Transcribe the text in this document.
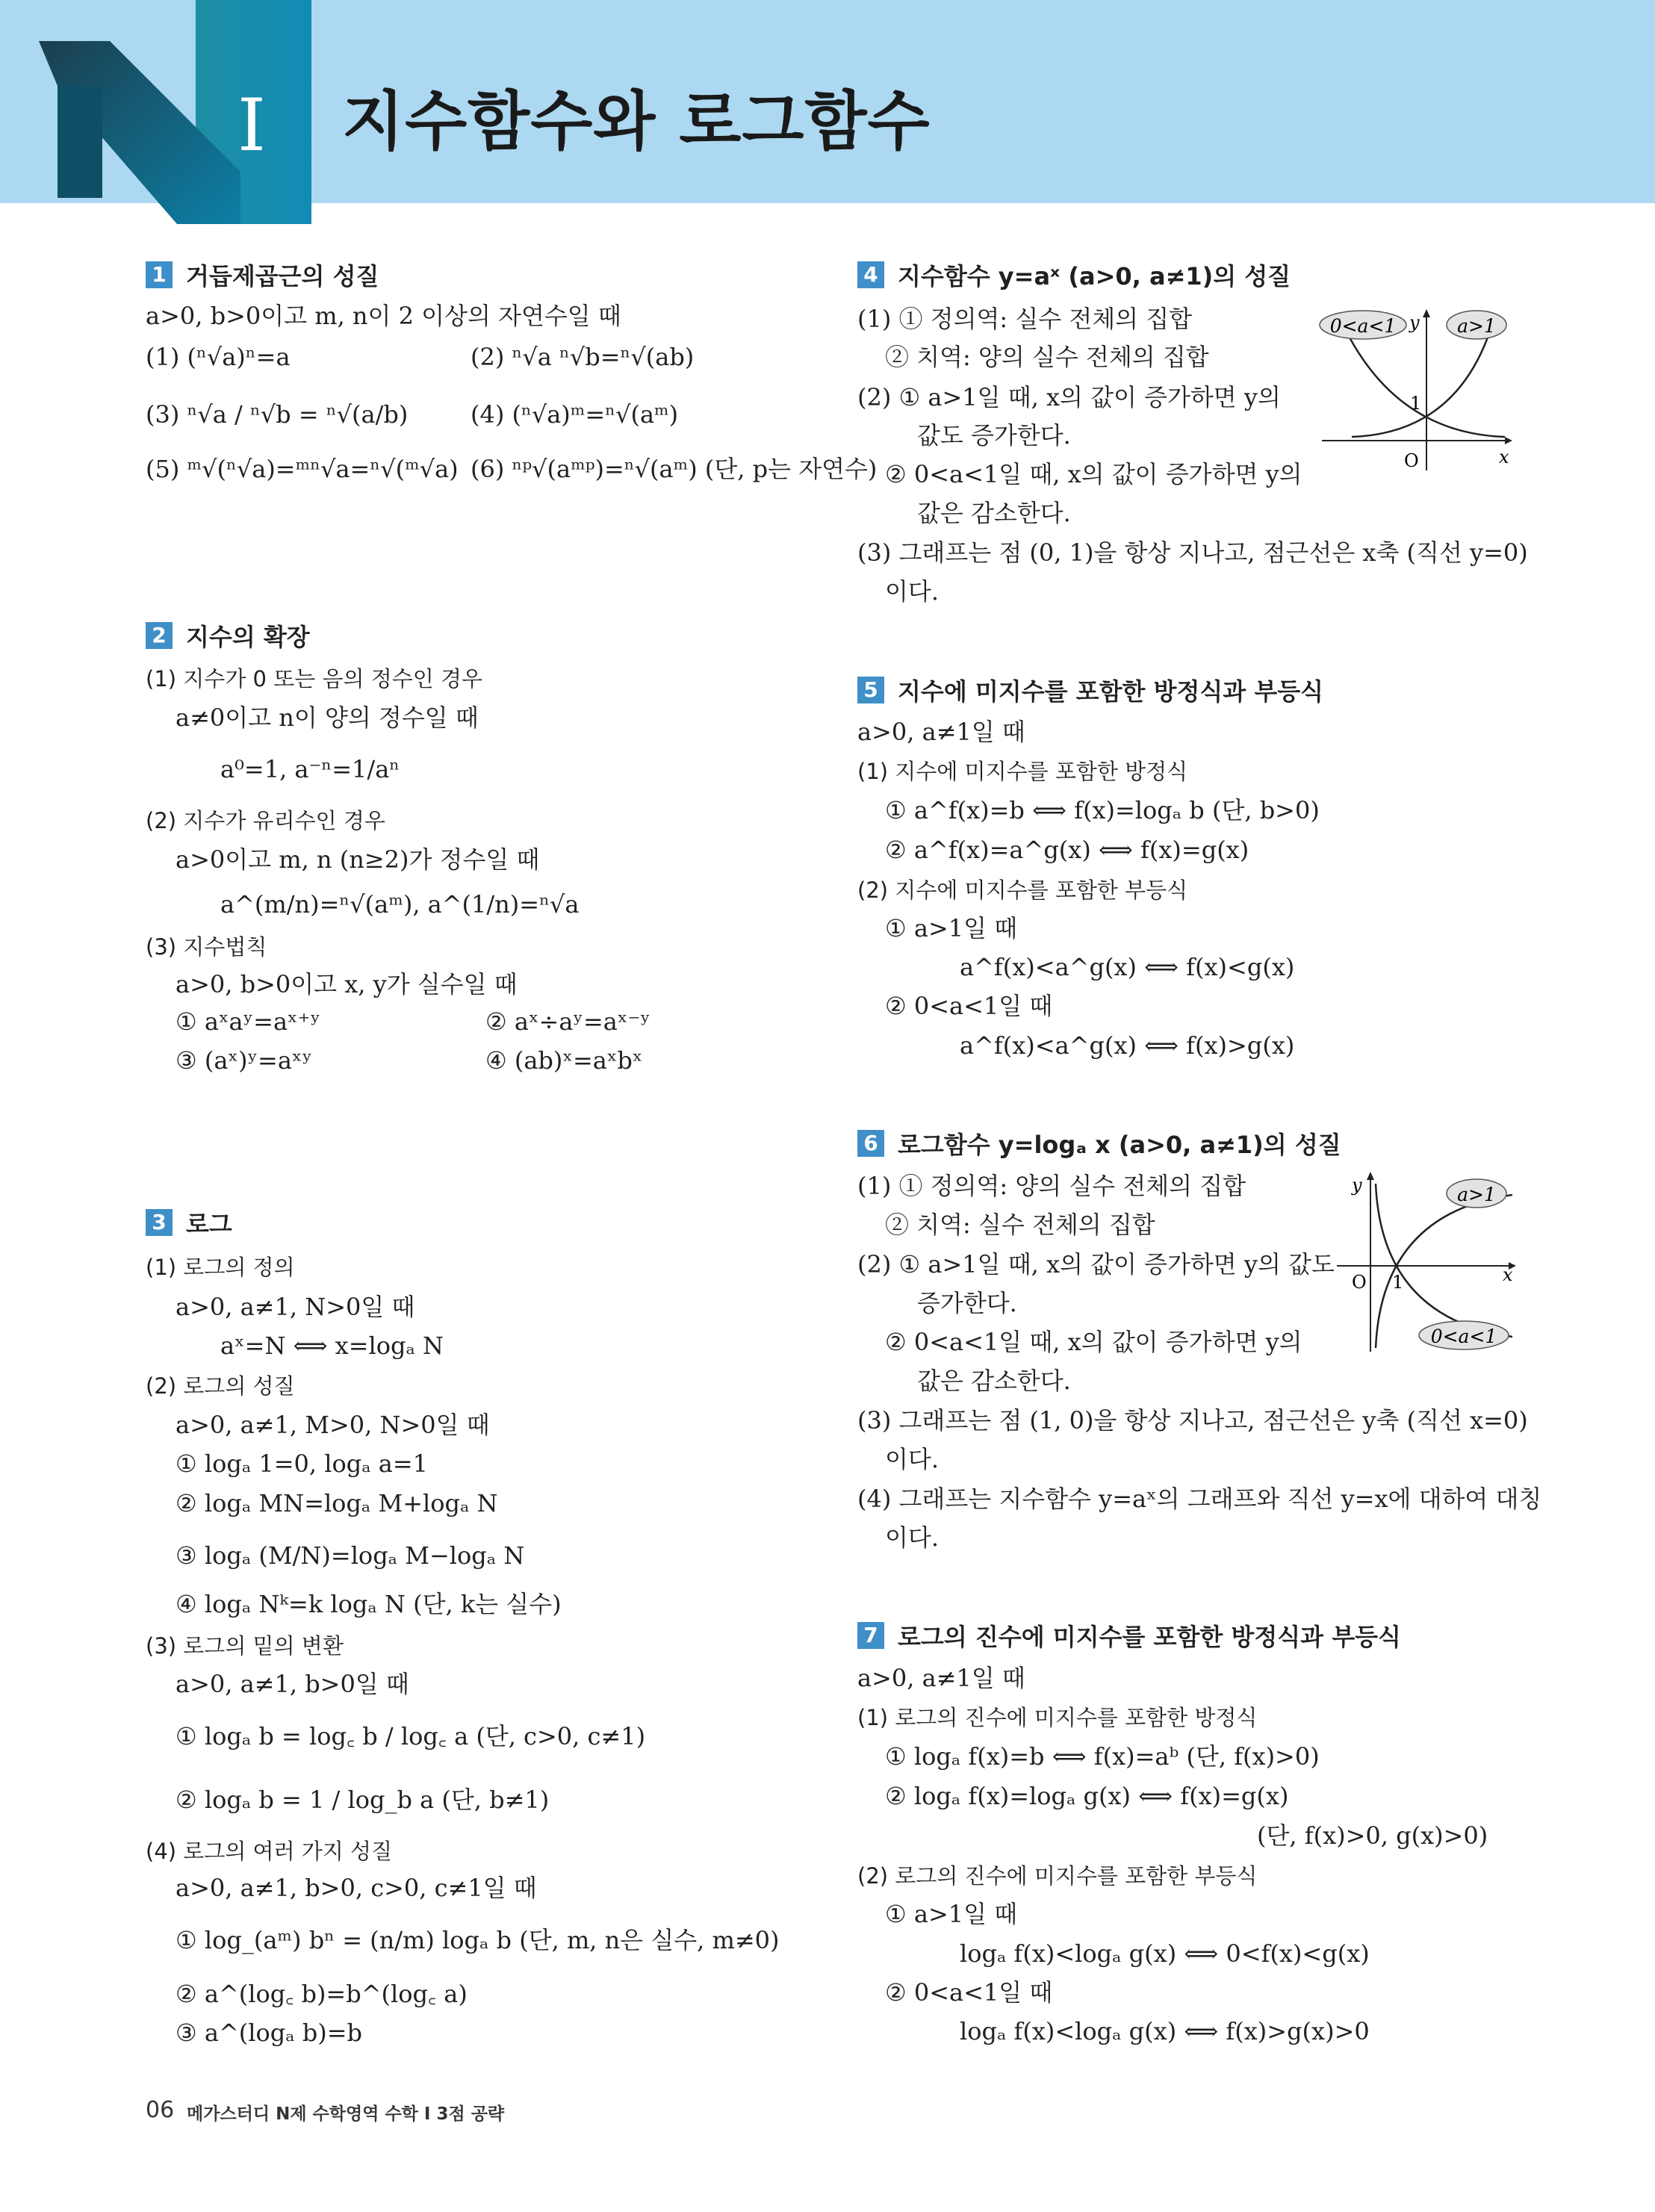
I 지수함수와 로그함수
1 거듭제곱근의 성질
a>0, b>0이고 m, n이 2 이상의 자연수일 때
(1) (ⁿ√a)ⁿ=a	(2) ⁿ√a ⁿ√b=ⁿ√(ab)
(3) ⁿ√a / ⁿ√b = ⁿ√(a/b)	(4) (ⁿ√a)ᵐ=ⁿ√(aᵐ)
(5) ᵐ√(ⁿ√a)=ᵐⁿ√a=ⁿ√(ᵐ√a) (6) ⁿᵖ√(aᵐᵖ)=ⁿ√(aᵐ) (단, p는 자연수)
2 지수의 확장
(1) 지수가 0 또는 음의 정수인 경우
a≠0이고 n이 양의 정수일 때
a⁰=1, a⁻ⁿ=1/aⁿ
(2) 지수가 유리수인 경우
a>0이고 m, n (n≥2)가 정수일 때
a^(m/n)=ⁿ√(aᵐ), a^(1/n)=ⁿ√a
(3) 지수법칙
a>0, b>0이고 x, y가 실수일 때
① aˣaʸ=aˣ⁺ʸ	② aˣ÷aʸ=aˣ⁻ʸ
③ (aˣ)ʸ=aˣʸ	④ (ab)ˣ=aˣbˣ
3 로그
(1) 로그의 정의
a>0, a≠1, N>0일 때
aˣ=N ⟺ x=logₐ N
(2) 로그의 성질
a>0, a≠1, M>0, N>0일 때
① logₐ 1=0, logₐ a=1
② logₐ MN=logₐ M+logₐ N
③ logₐ (M/N)=logₐ M−logₐ N
④ logₐ Nᵏ=k logₐ N (단, k는 실수)
(3) 로그의 밑의 변환
a>0, a≠1, b>0일 때
① logₐ b = log꜀ b / log꜀ a (단, c>0, c≠1)
② logₐ b = 1 / log_b a (단, b≠1)
(4) 로그의 여러 가지 성질
a>0, a≠1, b>0, c>0, c≠1일 때
① log_(aᵐ) bⁿ = (n/m) logₐ b (단, m, n은 실수, m≠0)
② a^(log꜀ b)=b^(log꜀ a)
③ a^(logₐ b)=b
4 지수함수 y=aˣ (a>0, a≠1)의 성질
(1) ① 정의역: 실수 전체의 집합
② 치역: 양의 실수 전체의 집합
(2) ① a>1일 때, x의 값이 증가하면 y의
값도 증가한다.
② 0<a<1일 때, x의 값이 증가하면 y의
값은 감소한다.
(3) 그래프는 점 (0, 1)을 항상 지나고, 점근선은 x축 (직선 y=0)
이다.
0<a<1	a>1
y
x
O
1
5 지수에 미지수를 포함한 방정식과 부등식
a>0, a≠1일 때
(1) 지수에 미지수를 포함한 방정식
① a^f(x)=b ⟺ f(x)=logₐ b (단, b>0)
② a^f(x)=a^g(x) ⟺ f(x)=g(x)
(2) 지수에 미지수를 포함한 부등식
① a>1일 때
a^f(x)<a^g(x) ⟺ f(x)<g(x)
② 0<a<1일 때
a^f(x)<a^g(x) ⟺ f(x)>g(x)
6 로그함수 y=logₐ x (a>0, a≠1)의 성질
(1) ① 정의역: 양의 실수 전체의 집합
② 치역: 실수 전체의 집합
(2) ① a>1일 때, x의 값이 증가하면 y의 값도
증가한다.
② 0<a<1일 때, x의 값이 증가하면 y의
값은 감소한다.
(3) 그래프는 점 (1, 0)을 항상 지나고, 점근선은 y축 (직선 x=0)
이다.
(4) 그래프는 지수함수 y=aˣ의 그래프와 직선 y=x에 대하여 대칭
이다.
a>1
0<a<1
y
x
O 1
7 로그의 진수에 미지수를 포함한 방정식과 부등식
a>0, a≠1일 때
(1) 로그의 진수에 미지수를 포함한 방정식
① logₐ f(x)=b ⟺ f(x)=aᵇ (단, f(x)>0)
② logₐ f(x)=logₐ g(x) ⟺ f(x)=g(x)
(단, f(x)>0, g(x)>0)
(2) 로그의 진수에 미지수를 포함한 부등식
① a>1일 때
logₐ f(x)<logₐ g(x) ⟺ 0<f(x)<g(x)
② 0<a<1일 때
logₐ f(x)<logₐ g(x) ⟺ f(x)>g(x)>0
06 메가스터디 N제 수학영역 수학 I 3점 공략
